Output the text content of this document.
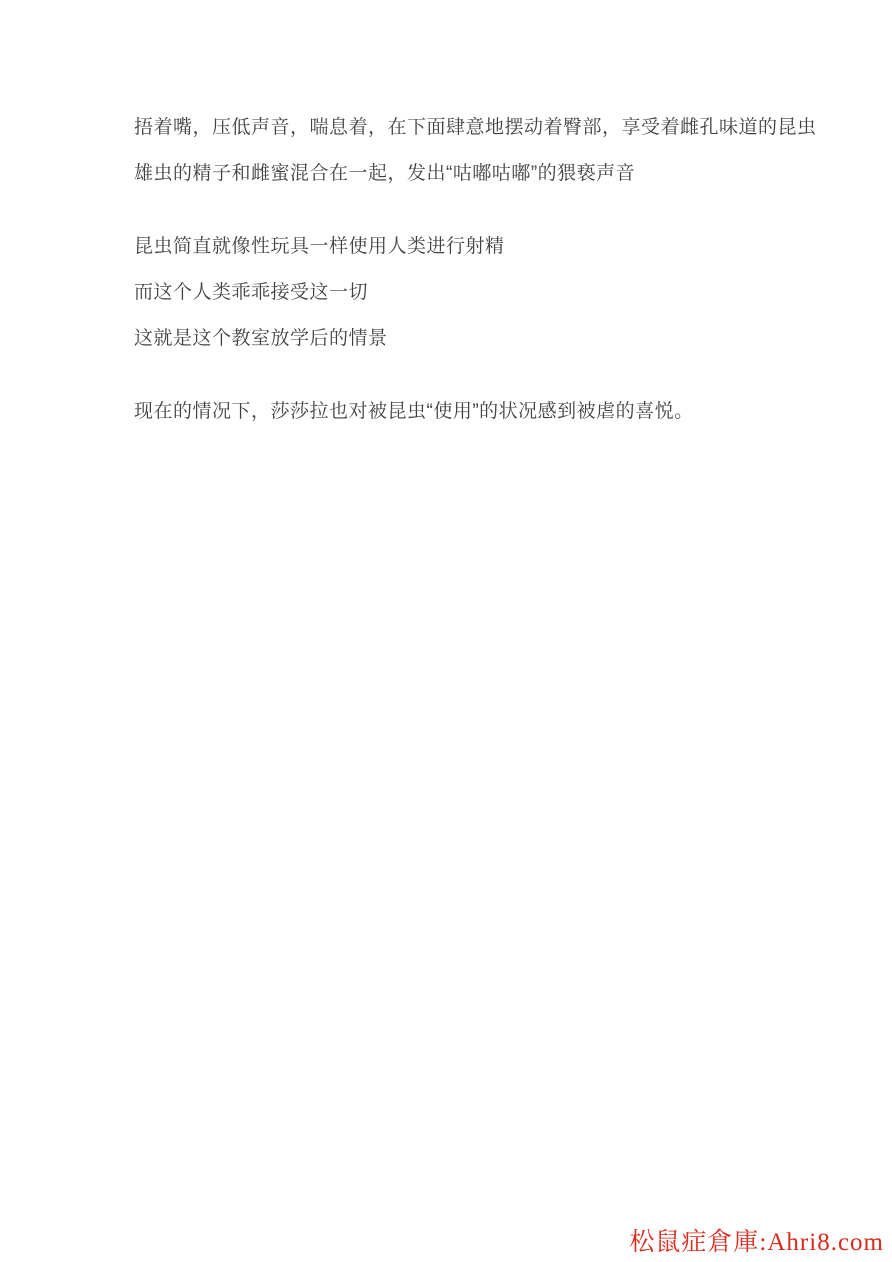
捂着嘴，压低声音，喘息着，在下面肆意地摆动着臀部，享受着雌孔味道的昆虫

雄虫的精子和雌蜜混合在一起，发出“咕嘟咕嘟”的猥亵声音

昆虫简直就像性玩具一样使用人类进行射精

而这个人类乖乖接受这一切

这就是这个教室放学后的情景

现在的情况下，莎莎拉也对被昆虫“使用”的状况感到被虐的喜悦。

松鼠症倉庫:Ahri8.com
